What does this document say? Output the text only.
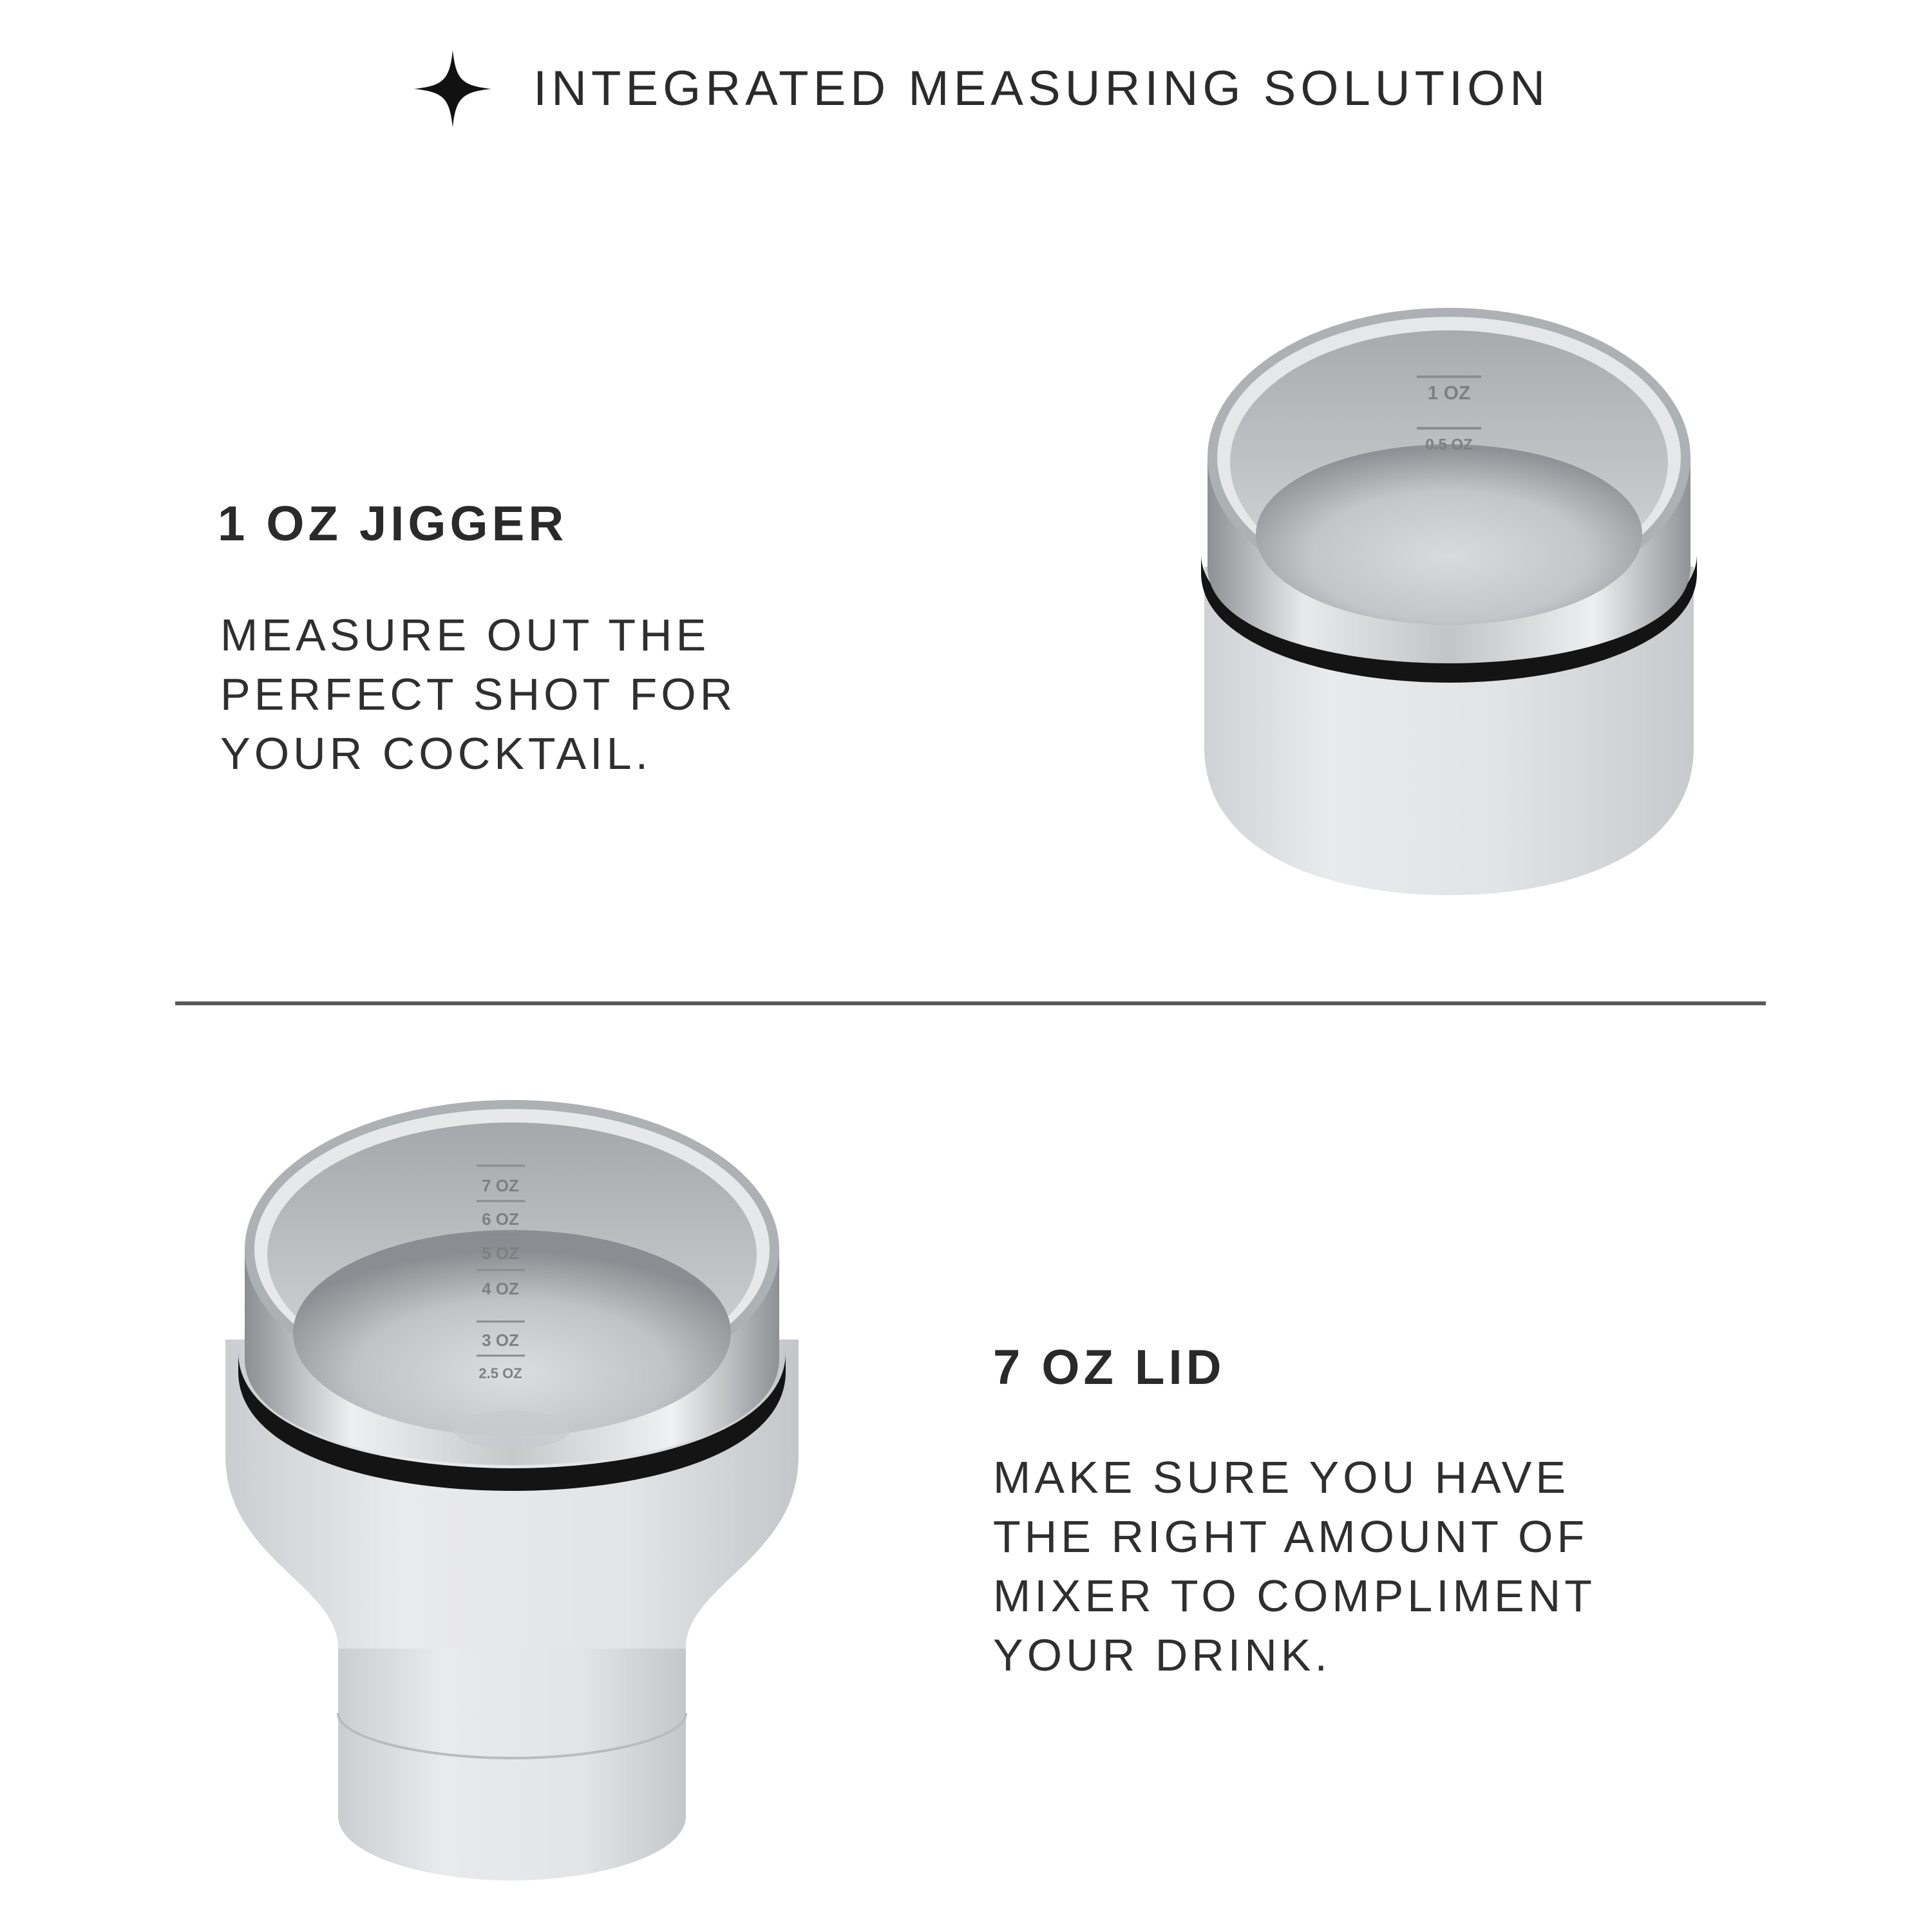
INTEGRATED MEASURING SOLUTION
1 OZ JIGGER
MEASURE OUT THE
PERFECT SHOT FOR
YOUR COCKTAIL.
1 OZ
0.5 OZ
7 OZ
6 OZ
5 OZ
4 OZ
3 OZ
2.5 OZ	7 OZ LID
MAKE SURE YOU HAVE
THE RIGHT AMOUNT OF
MIXER TO COMPLIMENT
YOUR DRINK.
